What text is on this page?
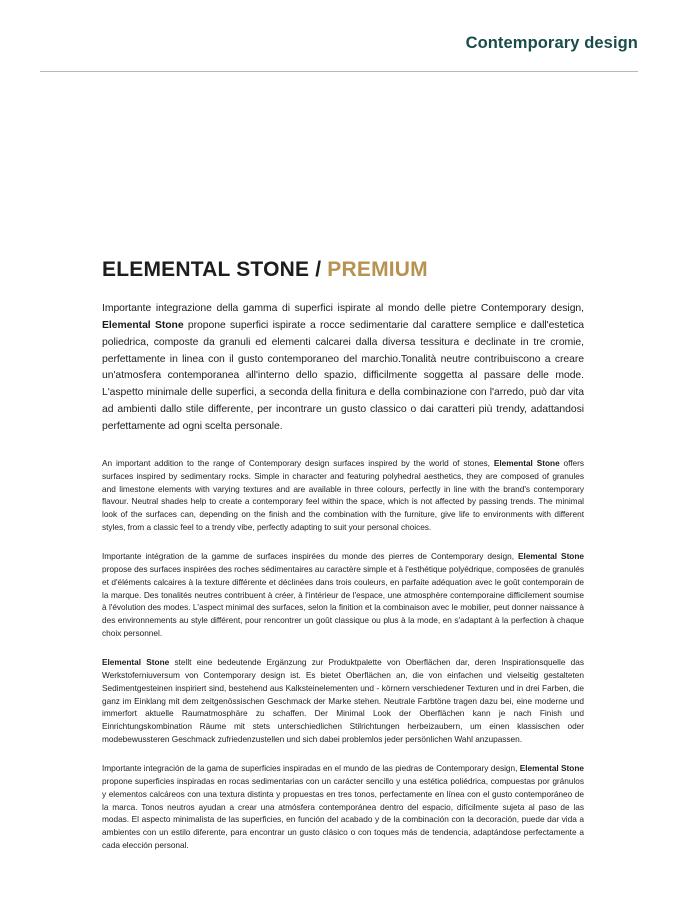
Contemporary design
ELEMENTAL STONE / PREMIUM

Importante integrazione della gamma di superfici ispirate al mondo delle pietre Contemporary design, Elemental Stone propone superfici ispirate a rocce sedimentarie dal carattere semplice e dall'estetica poliedrica, composte da granuli ed elementi calcarei dalla diversa tessitura e declinate in tre cromie, perfettamente in linea con il gusto contemporaneo del marchio.Tonalità neutre contribuiscono a creare un'atmosfera contemporanea all'interno dello spazio, difficilmente soggetta al passare delle mode. L'aspetto minimale delle superfici, a seconda della finitura e della combinazione con l'arredo, può dar vita ad ambienti dallo stile differente, per incontrare un gusto classico o dai caratteri più trendy, adattandosi perfettamente ad ogni scelta personale.

An important addition to the range of Contemporary design surfaces inspired by the world of stones, Elemental Stone offers surfaces inspired by sedimentary rocks. Simple in character and featuring polyhedral aesthetics, they are composed of granules and limestone elements with varying textures and are available in three colours, perfectly in line with the brand's contemporary flavour. Neutral shades help to create a contemporary feel within the space, which is not affected by passing trends. The minimal look of the surfaces can, depending on the finish and the combination with the furniture, give life to environments with different styles, from a classic feel to a trendy vibe, perfectly adapting to suit your personal choices.

Importante intégration de la gamme de surfaces inspirées du monde des pierres de Contemporary design, Elemental Stone propose des surfaces inspirées des roches sédimentaires au caractère simple et à l'esthétique polyédrique, composées de granulés et d'éléments calcaires à la texture différente et déclinées dans trois couleurs, en parfaite adéquation avec le goût contemporain de la marque. Des tonalités neutres contribuent à créer, à l'intérieur de l'espace, une atmosphère contemporaine difficilement soumise à l'évolution des modes. L'aspect minimal des surfaces, selon la finition et la combinaison avec le mobilier, peut donner naissance à des environnements au style différent, pour rencontrer un goût classique ou plus à la mode, en s'adaptant à la perfection à chaque choix personnel.

Elemental Stone stellt eine bedeutende Ergänzung zur Produktpalette von Oberflächen dar, deren Inspirationsquelle das Werkstoferniuversum von Contemporary design ist. Es bietet Oberflächen an, die von einfachen und vielseitig gestalteten Sedimentgesteinen inspiriert sind, bestehend aus Kalksteinelementen und - körnern verschiedener Texturen und in drei Farben, die ganz im Einklang mit dem zeitgenössischen Geschmack der Marke stehen. Neutrale Farbtöne tragen dazu bei, eine moderne und immerfort aktuelle Raumatmosphäre zu schaffen. Der Minimal Look der Oberflächen kann je nach Finish und Einrichtungskombination Räume mit stets unterschiedlichen Stilrichtungen herbeizaubern, um einen klassischen oder modebewussteren Geschmack zufriedenzustellen und sich dabei problemlos jeder persönlichen Wahl anzupassen.

Importante integración de la gama de superficies inspiradas en el mundo de las piedras de Contemporary design, Elemental Stone propone superficies inspiradas en rocas sedimentarias con un carácter sencillo y una estética poliédrica, compuestas por gránulos y elementos calcáreos con una textura distinta y propuestas en tres tonos, perfectamente en línea con el gusto contemporáneo de la marca. Tonos neutros ayudan a crear una atmósfera contemporánea dentro del espacio, difícilmente sujeta al paso de las modas. El aspecto minimalista de las superficies, en función del acabado y de la combinación con la decoración, puede dar vida a ambientes con un estilo diferente, para encontrar un gusto clásico o con toques más de tendencia, adaptándose perfectamente a cada elección personal.
